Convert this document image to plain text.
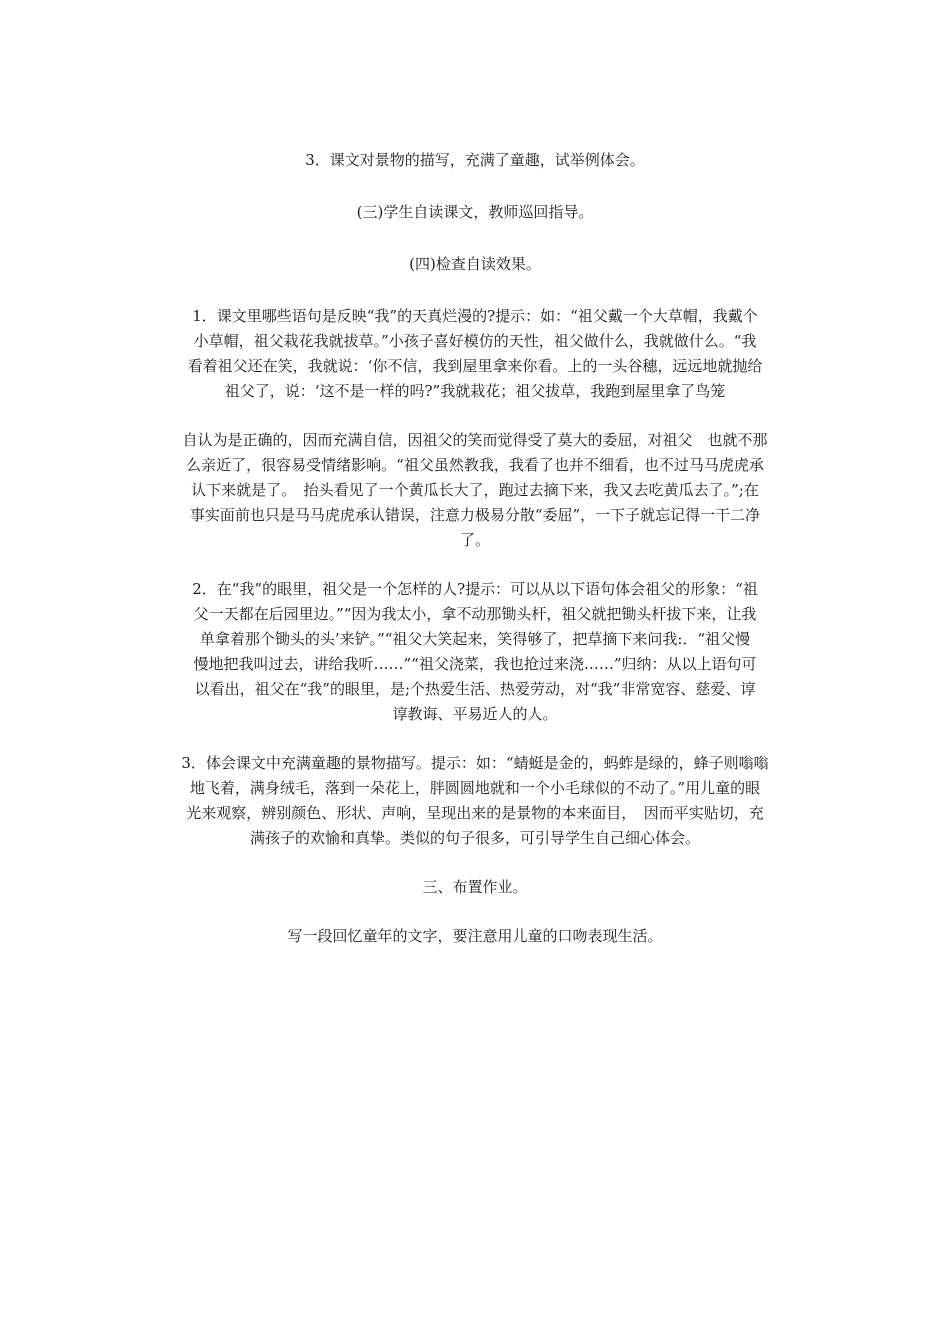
3．课文对景物的描写，充满了童趣，试举例体会。

(三)学生自读课文，教师巡回指导。

(四)检查自读效果。

1．课文里哪些语句是反映“我”的天真烂漫的?提示：如：“祖父戴一个大草帽，我戴个
小草帽，祖父栽花我就拔草。”小孩子喜好模仿的天性，祖父做什么，我就做什么。“我
看着祖父还在笑，我就说：‘你不信，我到屋里拿来你看。上的一头谷穗，远远地就抛给
祖父了，说：‘这不是一样的吗?”我就栽花；祖父拔草，我跑到屋里拿了鸟笼

自认为是正确的，因而充满自信，因祖父的笑而觉得受了莫大的委屈，对祖父　也就不那
么亲近了，很容易受情绪影响。“祖父虽然教我，我看了也并不细看，也不过马马虎虎承
认下来就是了。　抬头看见了一个黄瓜长大了，跑过去摘下来，我又去吃黄瓜去了。”;在
事实面前也只是马马虎虎承认错误，注意力极易分散“委屈”，一下子就忘记得一干二净
了。

2．在“我”的眼里，祖父是一个怎样的人?提示：可以从以下语句体会祖父的形象：“祖
父一天都在后园里边。”“因为我太小，拿不动那锄头杆，祖父就把锄头杆拔下来，让我
单拿着那个锄头的头’来铲。”“祖父大笑起来，笑得够了，把草摘下来问我:．“祖父慢
慢地把我叫过去，讲给我听……”“祖父浇菜，我也抢过来浇……”归纳：从以上语句可
以看出，祖父在“我”的眼里，是;个热爱生活、热爱劳动，对“我”非常宽容、慈爱、谆
谆教诲、平易近人的人。

3．体会课文中充满童趣的景物描写。提示：如：“蜻蜓是金的，蚂蚱是绿的，蜂子则嗡嗡
地飞着，满身绒毛，落到一朵花上，胖圆圆地就和一个小毛球似的不动了。”用儿童的眼
光来观察，辨别颜色、形状、声响，呈现出来的是景物的本来面目，　因而平实贴切，充
满孩子的欢愉和真挚。类似的句子很多，可引导学生自己细心体会。

三、布置作业。

写一段回忆童年的文字，要注意用儿童的口吻表现生活。
